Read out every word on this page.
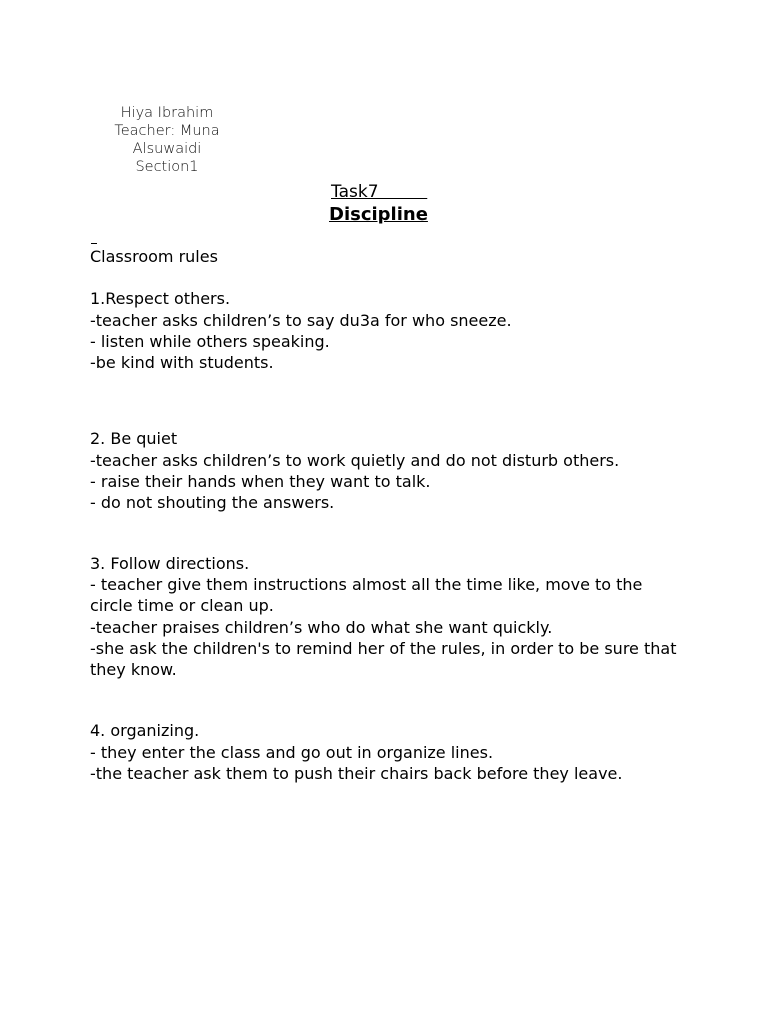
Hiya Ibrahim
Teacher: Muna
Alsuwaidi
Section1
Task7
Discipline
Classroom rules
1.Respect others.
-teacher asks children’s to say du3a for who sneeze.
- listen while others speaking.
-be kind with students.
2. Be quiet
-teacher asks children’s to work quietly and do not disturb others.
- raise their hands when they want to talk.
- do not shouting the answers.
3. Follow directions.
- teacher give them instructions almost all the time like, move to the circle time or clean up.
-teacher praises children’s who do what she want quickly.
-she ask the children's to remind her of the rules, in order to be sure that they know.
4. organizing.
- they enter the class and go out in organize lines.
-the teacher ask them to push their chairs back before they leave.
